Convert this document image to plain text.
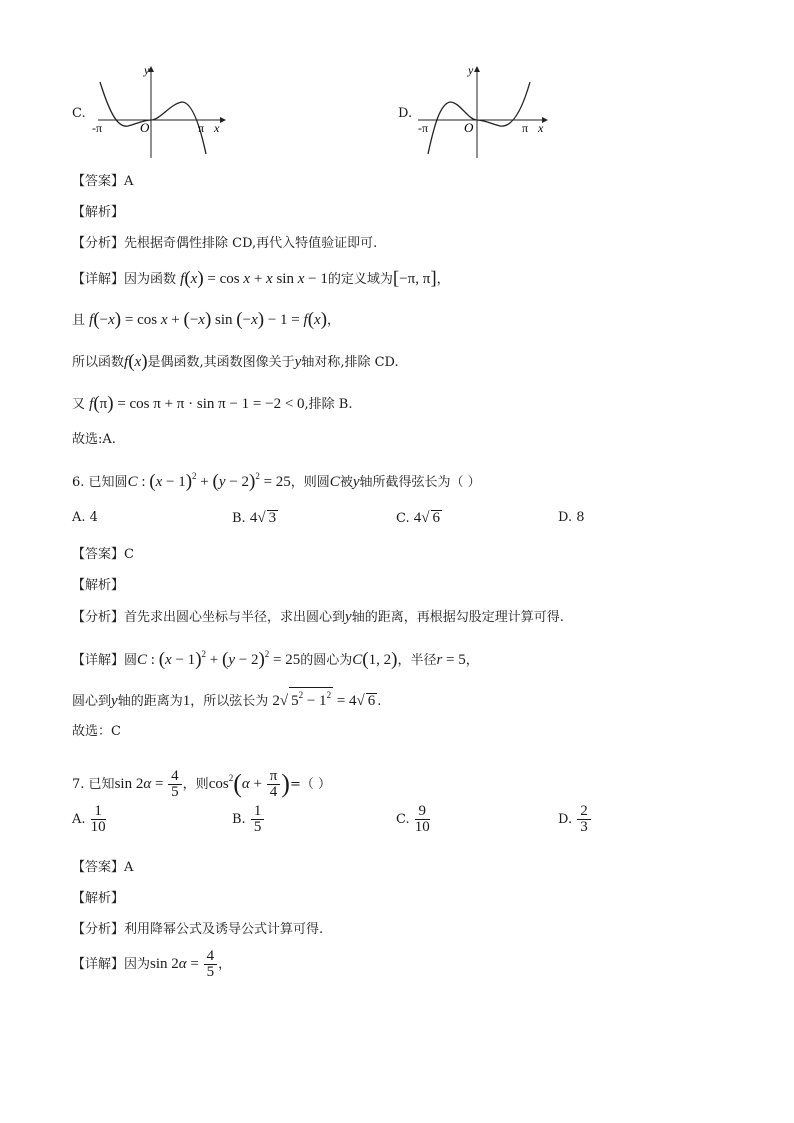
C.
y
x
O
-π	π
D.
y
x
O
-π	π
【答案】A
【解析】
【分析】先根据奇偶性排除 CD,再代入特值验证即可.
【详解】因为函数 f(x) = cos x + x sin x − 1的定义域为[−π, π]，
且 f(−x) = cos x + (−x) sin (−x) − 1 = f(x)，
所以函数f(x)是偶函数,其函数图像关于y轴对称,排除 CD.
又 f(π) = cos π + π · sin π − 1 = −2 < 0,排除 B.
故选:A.
6. 已知圆C : $(x - 1)^2 + (y - 2)^2 = 25$，则圆C被y轴所截得弦长为（ ）
A. 4	B. 4√ 3	C. 4√ 6	D. 8
【答案】C
【解析】
【分析】首先求出圆心坐标与半径，求出圆心到y轴的距离，再根据勾股定理计算可得.
【详解】圆C : $(x - 1)^2 + (y - 2)^2 = 25$的圆心为C(1, 2)，半径r = 5，
圆心到y轴的距离为1，所以弦长为 2√ $5^2 - 1^2 = 4√$ 6 .
故选：C
7. 已知$\sin 2\alpha = \frac{4}{5}$ ，则$\cos^2(\alpha + \frac{\pi}{4}$ )=（ ）
A. $\frac{1}{10}$	B. $\frac{1}{5}$	C. $\frac{9}{10}$	D. $\frac{2}{3}$
【答案】A
【解析】
【分析】利用降幂公式及诱导公式计算可得.
【详解】因为$\sin 2\alpha = \frac{4}{5}$ ，
